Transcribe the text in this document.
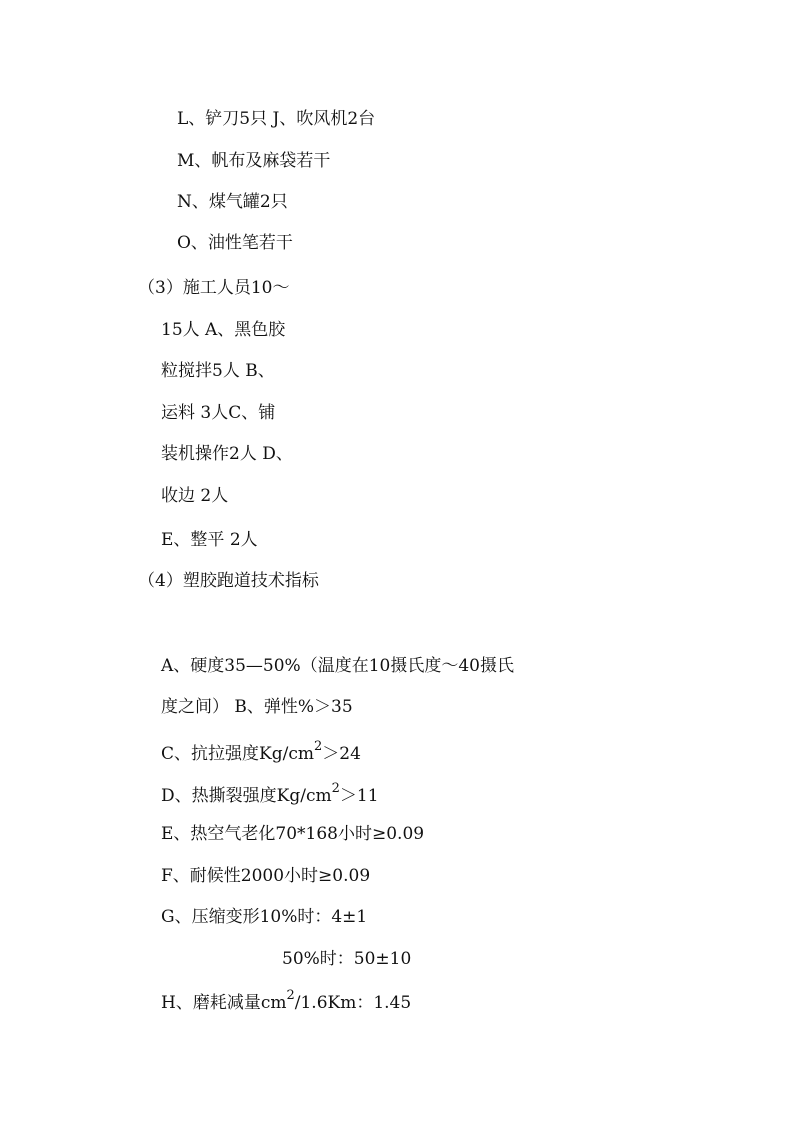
L、铲刀5只 J、吹风机2台
M、帆布及麻袋若干
N、煤气罐2只
O、油性笔若干
（3）施工人员10～
15人 A、黑色胶
粒搅拌5人 B、
运料 3人C、铺
装机操作2人 D、
收边 2人
E、整平 2人
（4）塑胶跑道技术指标
A、硬度35—50%（温度在10摄氏度～40摄氏
度之间） B、弹性%＞35
C、抗拉强度$Kg/cm^2>24$
D、热撕裂强度$Kg/cm^2>11$
E、热空气老化70*168小时≥0.09
F、耐候性2000小时≥0.09
G、压缩变形10%时：4±1
50%时：50±10
H、磨耗减量$cm^2/1.6Km$：1.45
